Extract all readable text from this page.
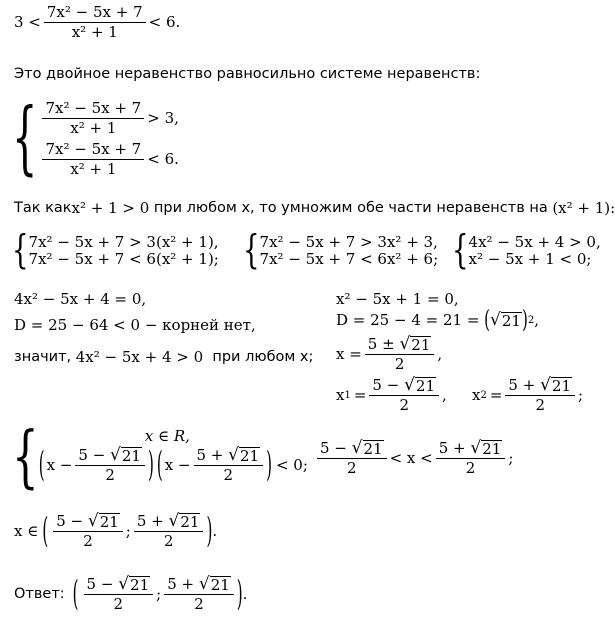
$3 < \frac{\text{7x² − 5x + 7}}{\text{x² + 1}} < 6$.
Это двойное неравенство равносильно системе неравенств:
{ $\frac{\text{7x² − 5x + 7}}{\text{x² + 1}} > 3$,
$\frac{\text{7x² − 5x + 7}}{\text{x² + 1}} < 6$.
Так как x² + 1 > 0 при любом x, то умножим обе части неравенств на (x² + 1):
{ 7x² − 5x + 7 > 3(x² + 1),
7x² − 5x + 7 < 6(x² + 1); { 7x² − 5x + 7 > 3x² + 3,
7x² − 5x + 7 < 6x² + 6; { 4x² − 5x + 4 > 0,
x² − 5x + 1 < 0;
4x² − 5x + 4 = 0,
D = 25 − 64 < 0 − корней нет,
значит, 4x² − 5x + 4 > 0 при любом x;
x² − 5x + 1 = 0,
D = 25 − 4 = 21 = ( √ 21 ) 2 ,
$x = \frac{5 \pm √ 21}{2}$ ,
x $1 = \frac{5 - √ 21}{2}$ , x $2 = \frac{5 + √ 21}{2}$ ;
{	x ∈ R,
( $x - \frac{5 - √ 21}{2}$ ) ( $x - \frac{5 + √ 21}{2}$ ) < 0; $\frac{5 - √ 21}{2} < x < \frac{5 + √ 21}{2}$ ;
x ∈ ( $\frac{5 - √ 21}{2}$ ; $\frac{5 + √ 21}{2}$ ) .
Ответ: ( $\frac{5 - √ 21}{2}$ ; $\frac{5 + √ 21}{2}$ ) .
